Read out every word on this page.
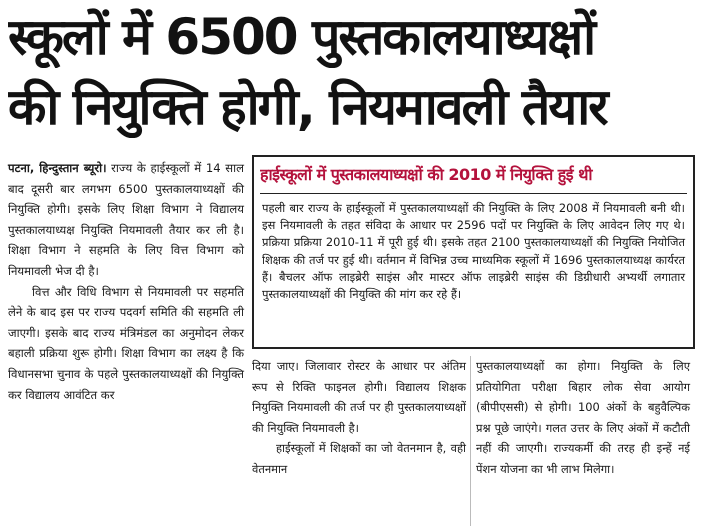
स्कूलों में 6500 पुस्तकालयाध्यक्षों
की नियुक्ति होगी, नियमावली तैयार

पटना, हिन्दुस्तान ब्यूरो। राज्य के हाईस्कूलों में 14 साल बाद दूसरी बार लगभग 6500 पुस्तकालयाध्यक्षों की नियुक्ति होगी। इसके लिए शिक्षा विभाग ने विद्यालय पुस्तकालयाध्यक्ष नियुक्ति नियमावली तैयार कर ली है। शिक्षा विभाग ने सहमति के लिए वित्त विभाग को नियमावली भेज दी है।

वित्त और विधि विभाग से नियमावली पर सहमति लेने के बाद इस पर राज्य पदवर्ग समिति की सहमति ली जाएगी। इसके बाद राज्य मंत्रिमंडल का अनुमोदन लेकर बहाली प्रक्रिया शुरू होगी। शिक्षा विभाग का लक्ष्य है कि विधानसभा चुनाव के पहले पुस्तकालयाध्यक्षों की नियुक्ति कर विद्यालय आवंटित कर

हाईस्कूलों में पुस्तकालयाध्यक्षों की 2010 में नियुक्ति हुई थी
पहली बार राज्य के हाईस्कूलों में पुस्तकालयाध्यक्षों की नियुक्ति के लिए 2008 में नियमावली बनी थी। इस नियमावली के तहत संविदा के आधार पर 2596 पदों पर नियुक्ति के लिए आवेदन लिए गए थे। प्रक्रिया प्रक्रिया 2010-11 में पूरी हुई थी। इसके तहत 2100 पुस्तकालयाध्यक्षों की नियुक्ति नियोजित शिक्षक की तर्ज पर हुई थी। वर्तमान में विभिन्न उच्च माध्यमिक स्कूलों में 1696 पुस्तकालयाध्यक्ष कार्यरत हैं। बैचलर ऑफ लाइब्रेरी साइंस और मास्टर ऑफ लाइब्रेरी साइंस की डिग्रीधारी अभ्यर्थी लगातार पुस्तकालयाध्यक्षों की नियुक्ति की मांग कर रहे हैं।

दिया जाए। जिलावार रोस्टर के आधार पर अंतिम रूप से रिक्ति फाइनल होगी। विद्यालय शिक्षक नियुक्ति नियमावली की तर्ज पर ही पुस्तकालयाध्यक्षों की नियुक्ति नियमावली है।

हाईस्कूलों में शिक्षकों का जो वेतनमान है, वही वेतनमान

पुस्तकालयाध्यक्षों का होगा। नियुक्ति के लिए प्रतियोगिता परीक्षा बिहार लोक सेवा आयोग (बीपीएससी) से होगी। 100 अंकों के बहुवैल्पिक प्रश्न पूछे जाएंगे। गलत उत्तर के लिए अंकों में कटौती नहीं की जाएगी। राज्यकर्मी की तरह ही इन्हें नई पेंशन योजना का भी लाभ मिलेगा।
